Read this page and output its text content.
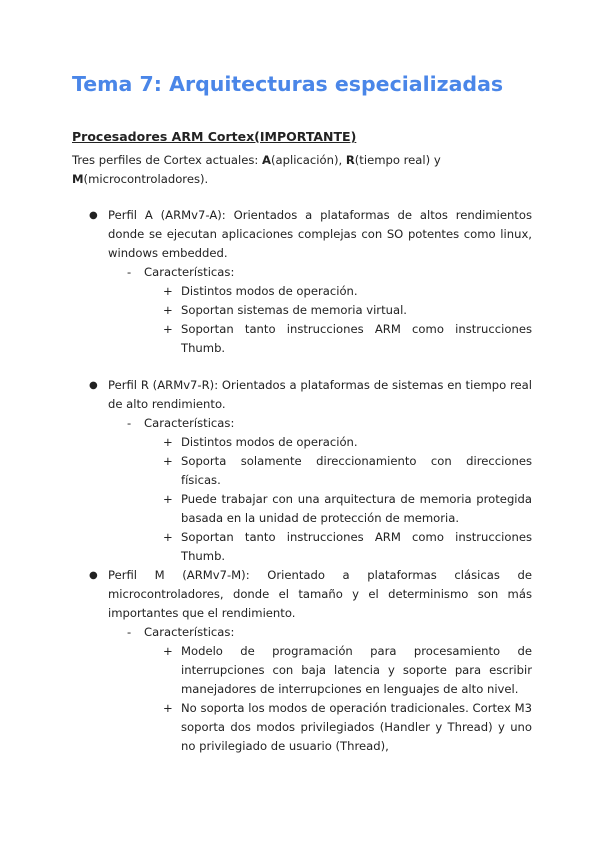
Tema 7: Arquitecturas especializadas
Procesadores ARM Cortex(IMPORTANTE)

Tres perfiles de Cortex actuales: A(aplicación), R(tiempo real) y
M(microcontroladores).

● Perfil A (ARMv7-A): Orientados a plataformas de altos rendimientos donde se ejecutan aplicaciones complejas con SO potentes como linux, windows embedded.
- Características:
+ Distintos modos de operación.
+ Soportan sistemas de memoria virtual.
+ Soportan tanto instrucciones ARM como instrucciones Thumb.
● Perfil R (ARMv7-R): Orientados a plataformas de sistemas en tiempo real de alto rendimiento.
- Características:
+ Distintos modos de operación.
+ Soporta solamente direccionamiento con direcciones físicas.
+ Puede trabajar con una arquitectura de memoria protegida basada en la unidad de protección de memoria.
+ Soportan tanto instrucciones ARM como instrucciones Thumb.
● Perfil M (ARMv7-M): Orientado a plataformas clásicas de microcontroladores, donde el tamaño y el determinismo son más importantes que el rendimiento.
- Características:
+ Modelo de programación para procesamiento de interrupciones con baja latencia y soporte para escribir manejadores de interrupciones en lenguajes de alto nivel.
+ No soporta los modos de operación tradicionales. Cortex M3 soporta dos modos privilegiados (Handler y Thread) y uno no privilegiado de usuario (Thread),
